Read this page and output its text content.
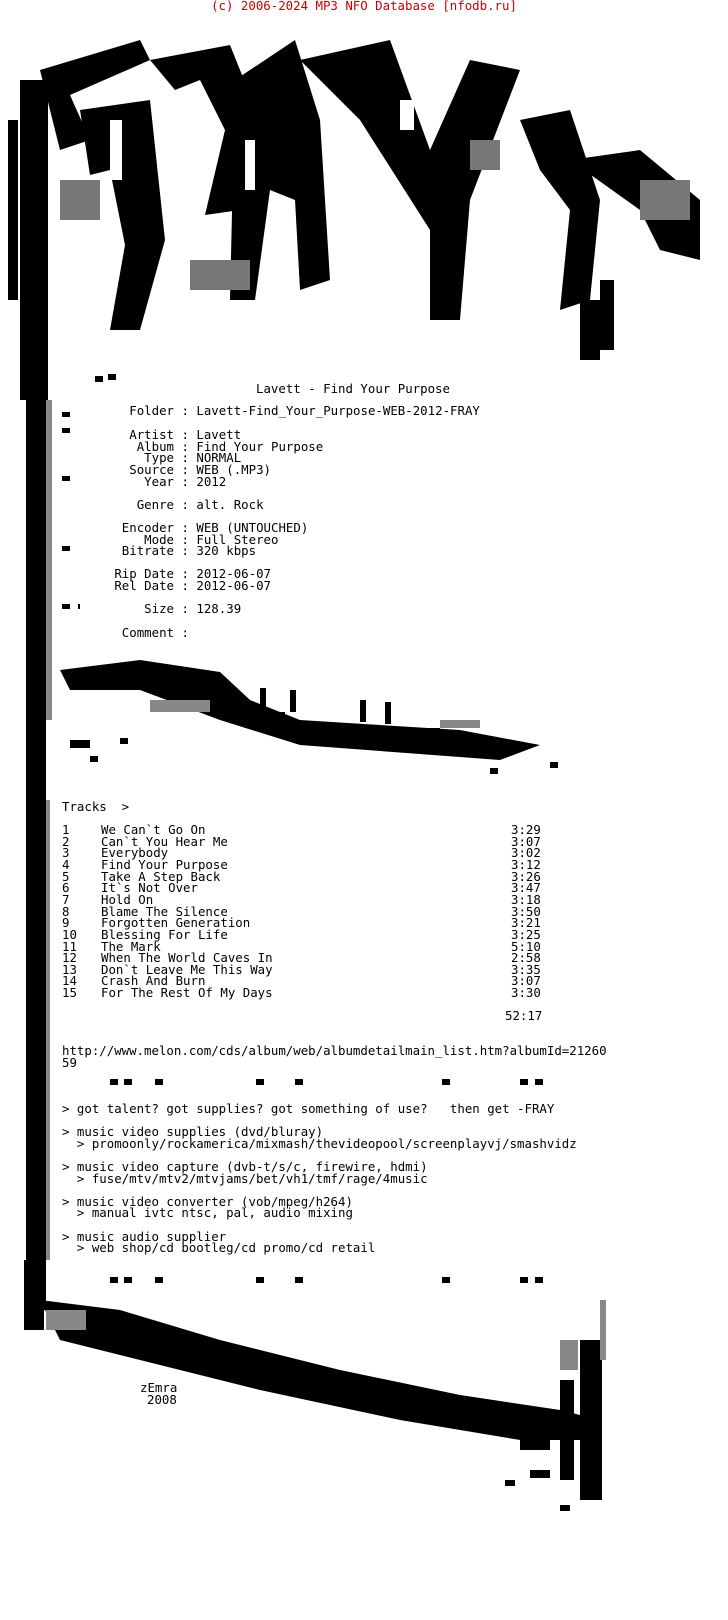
(c) 2006-2024 MP3 NFO Database [nfodb.ru]
zEmra
Lavett - Find Your Purpose
Folder : Lavett-Find_Your_Purpose-WEB-2012-FRAY
Artist : Lavett
Album : Find Your Purpose
Type : NORMAL
Source : WEB (.MP3)
Year : 2012
Genre : alt. Rock
Encoder : WEB (UNTOUCHED)
Mode : Full Stereo
Bitrate : 320 kbps
Rip Date : 2012-06-07
Rel Date : 2012-06-07
Size : 128.39
Comment :
Tracks  >
1	We Can`t Go On	3:29
2	Can`t You Hear Me	3:07
3	Everybody	3:02
4	Find Your Purpose	3:12
5	Take A Step Back	3:26
6	It`s Not Over	3:47
7	Hold On	3:18
8	Blame The Silence	3:50
9	Forgotten Generation	3:21
10 Blessing For Life	3:25
11 The Mark	5:10
12 When The World Caves In	2:58
13 Don`t Leave Me This Way	3:35
14 Crash And Burn	3:07
15 For The Rest Of My Days	3:30
52:17
http://www.melon.com/cds/album/web/albumdetailmain_list.htm?albumId=21260
59
> got talent? got supplies? got something of use?   then get -FRAY
> music video supplies (dvd/bluray)
> promoonly/rockamerica/mixmash/thevideopool/screenplayvj/smashvidz
> music video capture (dvb-t/s/c, firewire, hdmi)
> fuse/mtv/mtv2/mtvjams/bet/vh1/tmf/rage/4music
> music video converter (vob/mpeg/h264)
> manual ivtc ntsc, pal, audio mixing
> music audio supplier
> web shop/cd bootleg/cd promo/cd retail
zEmra
2008
